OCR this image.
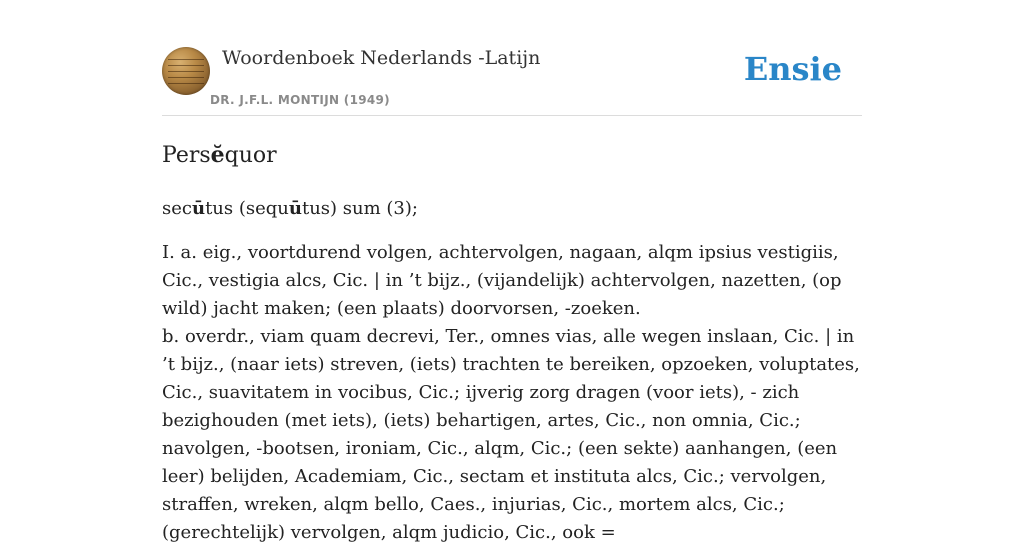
Woordenboek Nederlands -Latijn
DR. J.F.L. MONTIJN (1949)
Ensie
Persĕquor
secūtus (sequūtus) sum (3);

I. a. eig., voortdurend volgen, achtervolgen, nagaan, alqm ipsius vestigiis, Cic., vestigia alcs, Cic. | in ’t bijz., (vijandelijk) achtervolgen, nazetten, (op wild) jacht maken; (een plaats) doorvorsen, -zoeken.

b. overdr., viam quam decrevi, Ter., omnes vias, alle wegen inslaan, Cic. | in ’t bijz., (naar iets) streven, (iets) trachten te bereiken, opzoeken, voluptates, Cic., suavitatem in vocibus, Cic.; ijverig zorg dragen (voor iets), - zich bezighouden (met iets), (iets) behartigen, artes, Cic., non omnia, Cic.; navolgen, -bootsen, ironiam, Cic., alqm, Cic.; (een sekte) aanhangen, (een leer) belijden, Academiam, Cic., sectam et instituta alcs, Cic.; vervolgen, straffen, wreken, alqm bello, Caes., injurias, Cic., mortem alcs, Cic.; (gerechtelijk) vervolgen, alqm judicio, Cic., ook =
